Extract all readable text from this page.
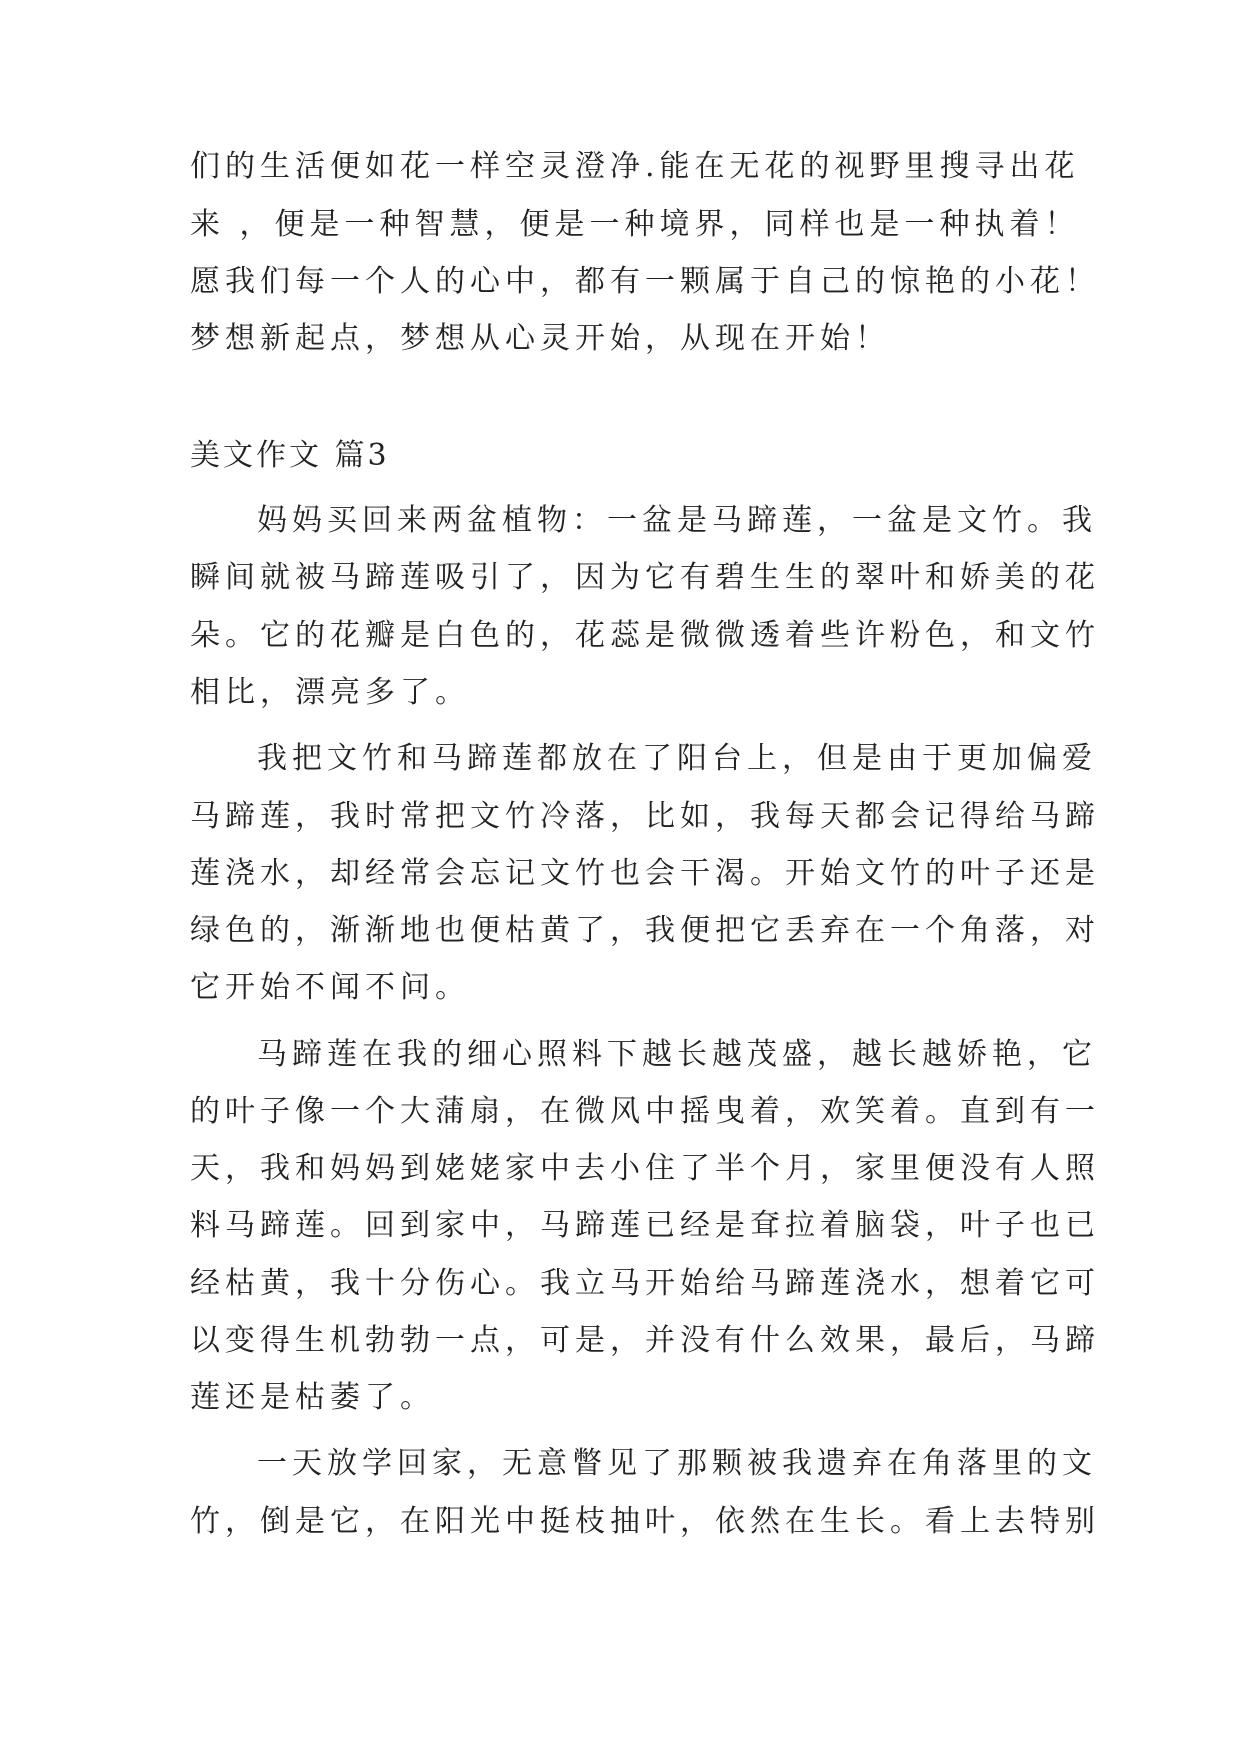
们的生活便如花一样空灵澄净.能在无花的视野里搜寻出花
来 ，便是一种智慧，便是一种境界，同样也是一种执着！
愿我们每一个人的心中，都有一颗属于自己的惊艳的小花！
梦想新起点，梦想从心灵开始，从现在开始！
美文作文 篇3
妈妈买回来两盆植物：一盆是马蹄莲，一盆是文竹。我
瞬间就被马蹄莲吸引了，因为它有碧生生的翠叶和娇美的花
朵。它的花瓣是白色的，花蕊是微微透着些许粉色，和文竹
相比，漂亮多了。
我把文竹和马蹄莲都放在了阳台上，但是由于更加偏爱
马蹄莲，我时常把文竹冷落，比如，我每天都会记得给马蹄
莲浇水，却经常会忘记文竹也会干渴。开始文竹的叶子还是
绿色的，渐渐地也便枯黄了，我便把它丢弃在一个角落，对
它开始不闻不问。
马蹄莲在我的细心照料下越长越茂盛，越长越娇艳，它
的叶子像一个大蒲扇，在微风中摇曳着，欢笑着。直到有一
天，我和妈妈到姥姥家中去小住了半个月，家里便没有人照
料马蹄莲。回到家中，马蹄莲已经是耷拉着脑袋，叶子也已
经枯黄，我十分伤心。我立马开始给马蹄莲浇水，想着它可
以变得生机勃勃一点，可是，并没有什么效果，最后，马蹄
莲还是枯萎了。
一天放学回家，无意瞥见了那颗被我遗弃在角落里的文
竹，倒是它，在阳光中挺枝抽叶，依然在生长。看上去特别
